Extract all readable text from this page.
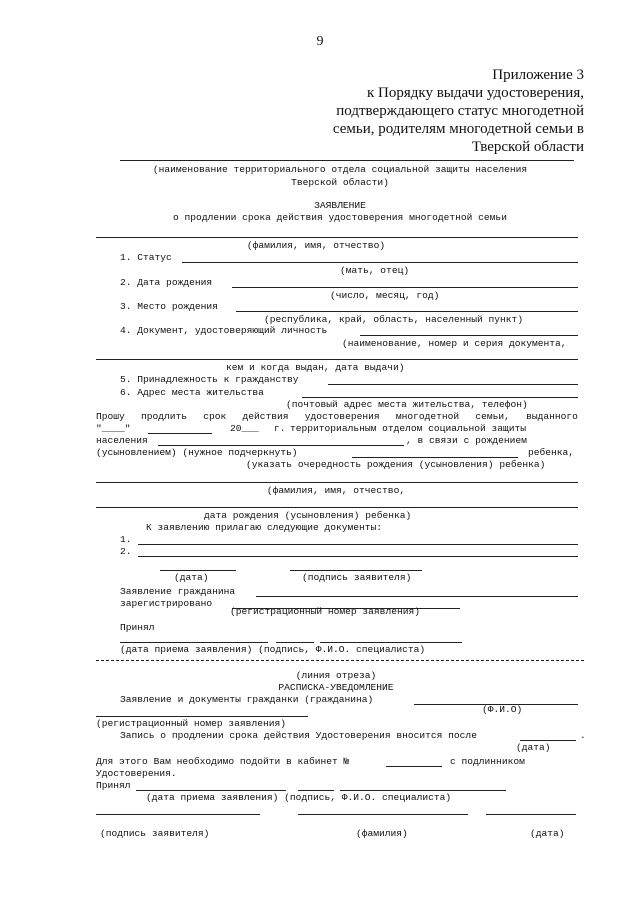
9
Приложение 3
к Порядку выдачи удостоверения,
подтверждающего статус многодетной
семьи, родителям многодетной семьи в
Тверской области
(наименование территориального отдела социальной защиты населения
Тверской области)
ЗАЯВЛЕНИЕ
о продлении срока действия удостоверения многодетной семьи
(фамилия, имя, отчество)
1. Статус
(мать, отец)
2. Дата рождения
(число, месяц, год)
3. Место рождения
(республика, край, область, населенный пункт)
4. Документ, удостоверяющий личность
(наименование, номер и серия документа,
кем и когда выдан, дата выдачи)
5. Принадлежность к гражданству
6. Адрес места жительства
(почтовый адрес места жительства, телефон)
Прошу продлить срок действия удостоверения многодетной семьи, выданного
"____"	20___ г. территориальным отделом социальной защиты
населения	, в связи с рождением
(усыновлением) (нужное подчеркнуть)	ребенка,
(указать очередность рождения (усыновления) ребенка)
(фамилия, имя, отчество,
дата рождения (усыновления) ребенка)
К заявлению прилагаю следующие документы:
1.
2.
(дата)	(подпись заявителя)
Заявление гражданина
зарегистрировано
(регистрационный номер заявления)
Принял
(дата приема заявления) (подпись, Ф.И.О. специалиста)
(линия отреза)
РАСПИСКА-УВЕДОМЛЕНИЕ
Заявление и документы гражданки (гражданина)
(Ф.И.О)
(регистрационный номер заявления)
Запись о продлении срока действия Удостоверения вносится после	.
(дата)
Для этого Вам необходимо подойти в кабинет №	с подлинником
Удостоверения.
Принял
(дата приема заявления) (подпись, Ф.И.О. специалиста)
(подпись заявителя)	(фамилия)	(дата)
